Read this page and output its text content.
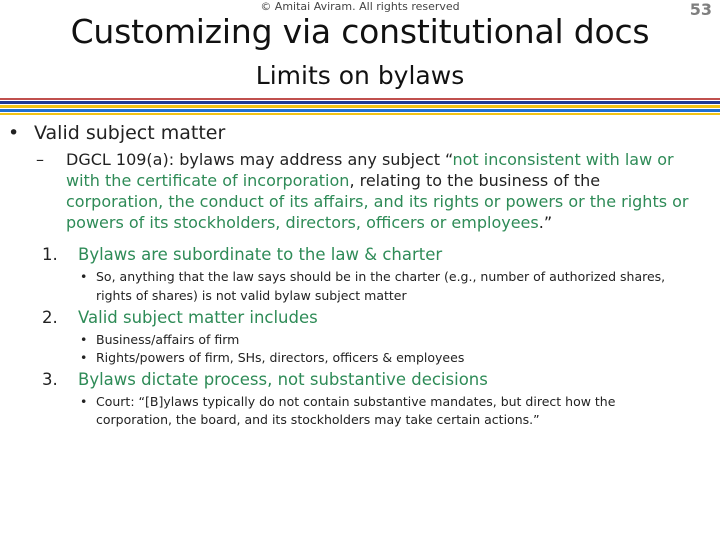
© Amitai Aviram. All rights reserved	53
Customizing via constitutional docs
Limits on bylaws
• Valid subject matter
– DGCL 109(a): bylaws may address any subject “not inconsistent with law or
with the certificate of incorporation, relating to the business of the
corporation, the conduct of its affairs, and its rights or powers or the rights or
powers of its stockholders, directors, officers or employees.”
1. Bylaws are subordinate to the law & charter
• So, anything that the law says should be in the charter (e.g., number of authorized shares,
rights of shares) is not valid bylaw subject matter
2. Valid subject matter includes
• Business/affairs of firm
• Rights/powers of firm, SHs, directors, officers & employees
3. Bylaws dictate process, not substantive decisions
• Court: “[B]ylaws typically do not contain substantive mandates, but direct how the
corporation, the board, and its stockholders may take certain actions.”
